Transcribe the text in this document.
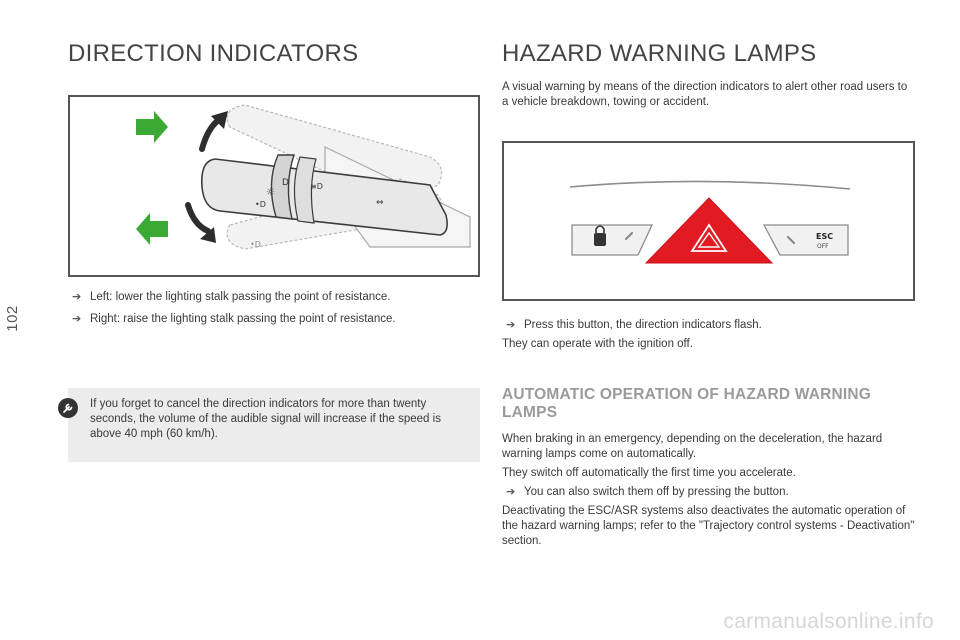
102
DIRECTION INDICATORS
D
☼
•D
≡D
⇔
•D
➔ Left: lower the lighting stalk passing the point of resistance.
➔ Right: raise the lighting stalk passing the point of resistance.
If you forget to cancel the direction indicators for more than twenty seconds, the volume of the audible signal will increase if the speed is above 40 mph (60 km/h).
HAZARD WARNING LAMPS

A visual warning by means of the direction indicators to alert other road users to a vehicle breakdown, towing or accident.

ESC
OFF
➔ Press this button, the direction indicators flash.

They can operate with the ignition off.

AUTOMATIC OPERATION OF HAZARD WARNING LAMPS

When braking in an emergency, depending on the deceleration, the hazard warning lamps come on automatically.

They switch off automatically the first time you accelerate.

➔ You can also switch them off by pressing the button.

Deactivating the ESC/ASR systems also deactivates the automatic operation of the hazard warning lamps; refer to the "Trajectory control systems - Deactivation" section.

carmanualsonline.info
